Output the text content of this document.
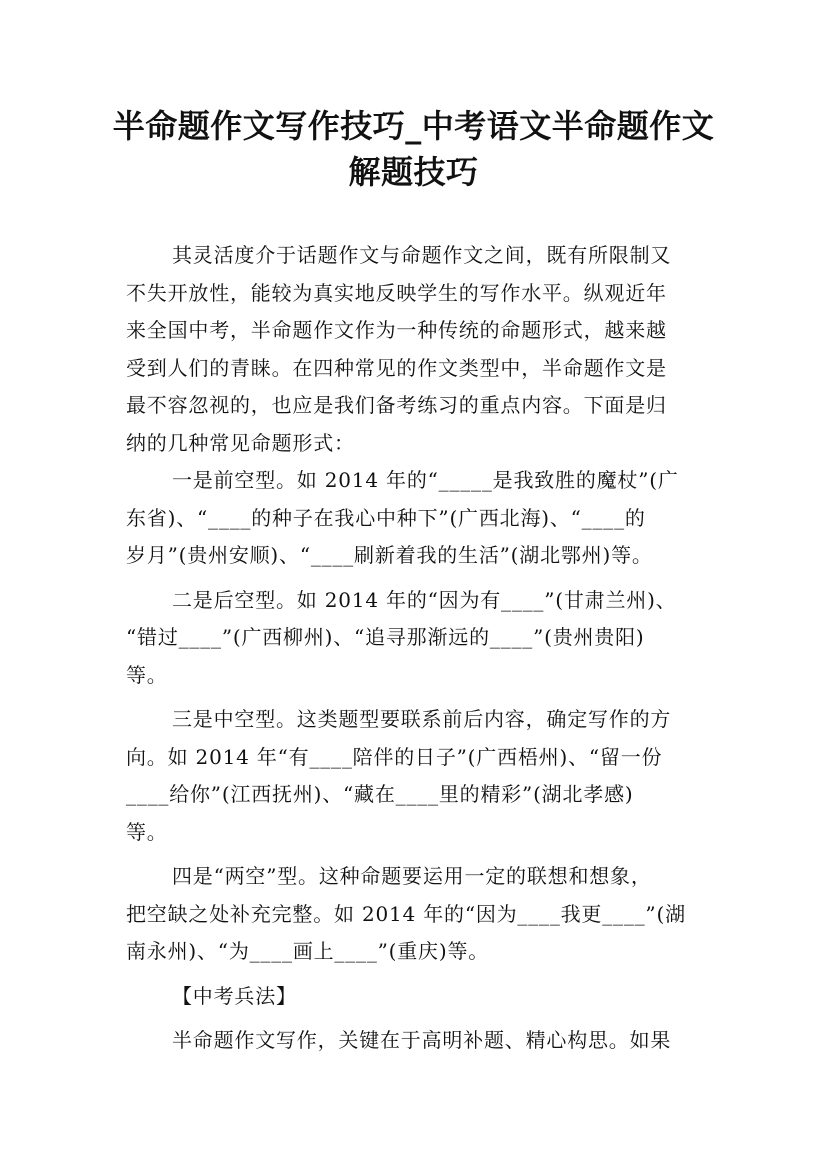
半命题作文写作技巧_中考语文半命题作文
解题技巧
其灵活度介于话题作文与命题作文之间，既有所限制又
不失开放性，能较为真实地反映学生的写作水平。纵观近年
来全国中考，半命题作文作为一种传统的命题形式，越来越
受到人们的青睐。在四种常见的作文类型中，半命题作文是
最不容忽视的，也应是我们备考练习的重点内容。下面是归
纳的几种常见命题形式：
一是前空型。如 2014 年的“_____是我致胜的魔杖”(广
东省)、“____的种子在我心中种下”(广西北海)、“____的
岁月”(贵州安顺)、“____刷新着我的生活”(湖北鄂州)等。
二是后空型。如 2014 年的“因为有____”(甘肃兰州)、
“错过____”(广西柳州)、“追寻那渐远的____”(贵州贵阳)
等。
三是中空型。这类题型要联系前后内容，确定写作的方
向。如 2014 年“有____陪伴的日子”(广西梧州)、“留一份
____给你”(江西抚州)、“藏在____里的精彩”(湖北孝感)
等。
四是“两空”型。这种命题要运用一定的联想和想象，
把空缺之处补充完整。如 2014 年的“因为____我更____”(湖
南永州)、“为____画上____”(重庆)等。
【中考兵法】
半命题作文写作，关键在于高明补题、精心构思。如果
